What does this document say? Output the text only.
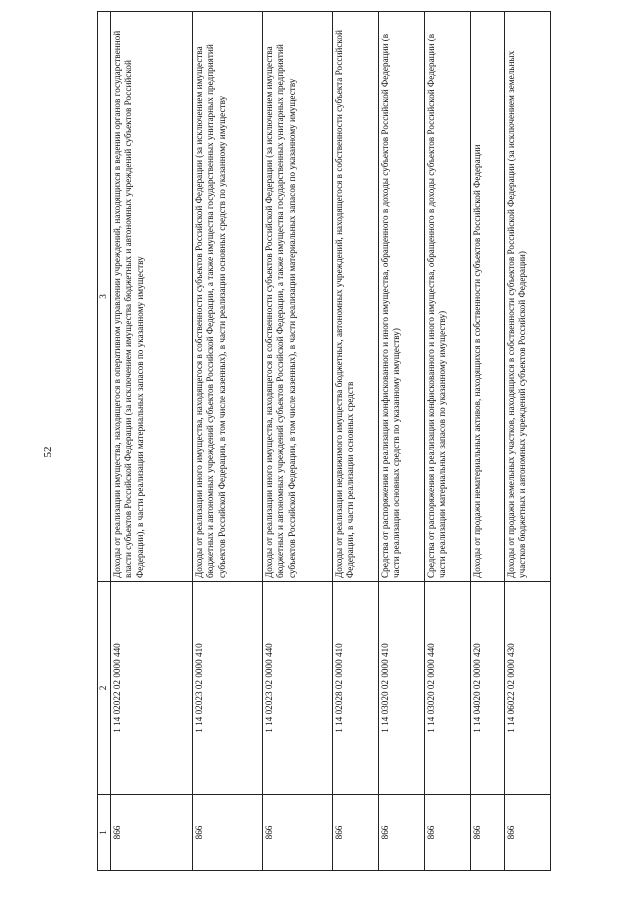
52
1	2	3
866	1 14 02022 02 0000 440	Доходы от реализации имущества, находящегося в оперативном управлении учреждений, находящихся в ведении органов государственной власти субъектов Российской Федерации (за исключением имущества бюджетных и автономных учреждений субъектов Российской Федерации), в части реализации материальных запасов по указанному имуществу
866	1 14 02023 02 0000 410	Доходы от реализации иного имущества, находящегося в собственности субъектов Российской Федерации (за исключением имущества бюджетных и автономных учреждений субъектов Российской Федерации, а также имущества государственных унитарных предприятий субъектов Российской Федерации, в том числе казенных), в части реализации основных средств по указанному имуществу
866	1 14 02023 02 0000 440	Доходы от реализации иного имущества, находящегося в собственности субъектов Российской Федерации (за исключением имущества бюджетных и автономных учреждений субъектов Российской Федерации, а также имущества государственных унитарных предприятий субъектов Российской Федерации, в том числе казенных), в части реализации материальных запасов по указанному имуществу
866	1 14 02028 02 0000 410	Доходы от реализации недвижимого имущества бюджетных, автономных учреждений, находящегося в собственности субъекта Российской Федерации, в части реализации основных средств
866	1 14 03020 02 0000 410	Средства от распоряжения и реализации конфискованного и иного имущества, обращенного в доходы субъектов Российской Федерации (в части реализации основных средств по указанному имуществу)
866	1 14 03020 02 0000 440	Средства от распоряжения и реализации конфискованного и иного имущества, обращенного в доходы субъектов Российской Федерации (в части реализации материальных запасов по указанному имуществу)
866	1 14 04020 02 0000 420	Доходы от продажи нематериальных активов, находящихся в собственности субъектов Российской Федерации
866	1 14 06022 02 0000 430	Доходы от продажи земельных участков, находящихся в собственности субъектов Российской Федерации (за исключением земельных участков бюджетных и автономных учреждений субъектов Российской Федерации)
